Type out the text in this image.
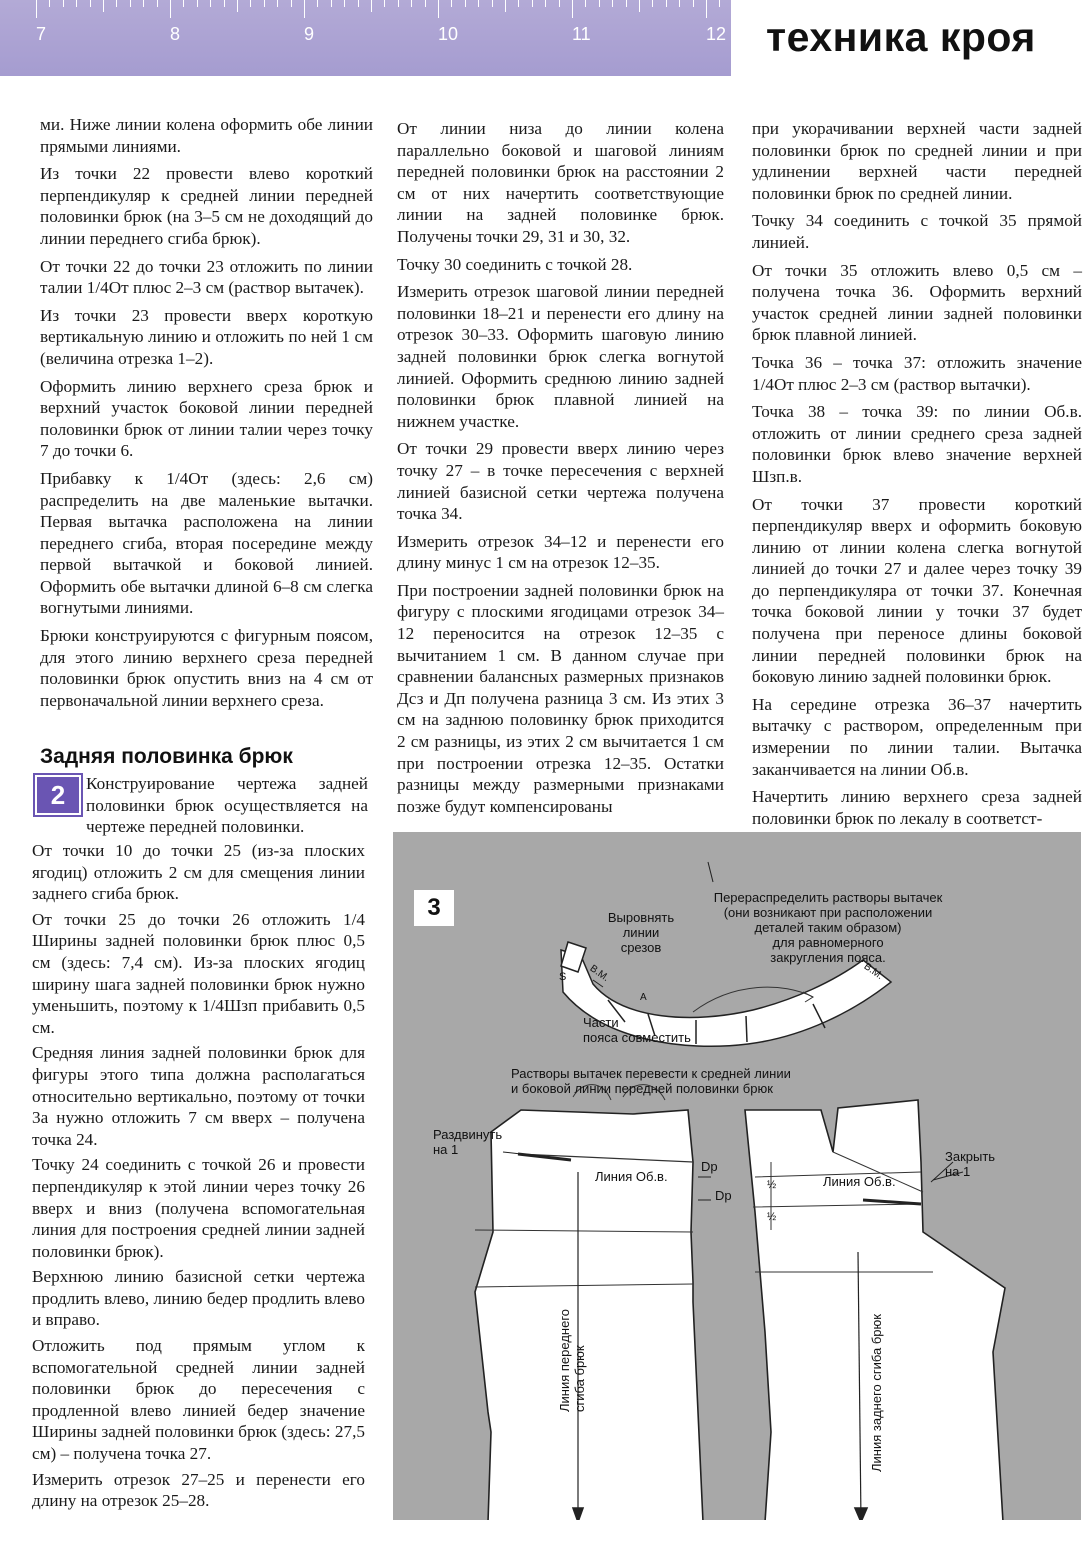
7	8	9	10	11	12 техника кроя

ми. Ниже линии колена оформить обе линии прямыми линиями.

Из точки 22 провести влево короткий перпендикуляр к средней линии передней половинки брюк (на 3–5 см не доходящий до линии переднего сгиба брюк).

От точки 22 до точки 23 отложить по линии талии 1/4От плюс 2–3 см (раствор вытачек).

Из точки 23 провести вверх короткую вертикальную линию и отложить по ней 1 см (величина отрезка 1–2).

Оформить линию верхнего среза брюк и верхний участок боковой линии передней половинки брюк от линии талии через точку 7 до точки 6.

Прибавку к 1/4От (здесь: 2,6 см) распределить на две маленькие вытачки. Первая вытачка расположена на линии переднего сгиба, вторая посередине между первой вытачкой и боковой линией. Оформить обе вытачки длиной 6–8 см слегка вогнутыми линиями.

Брюки конструируются с фигурным поясом, для этого линию верхнего среза передней половинки брюк опустить вниз на 4 см от первоначальной линии верхнего среза.

Задняя половинка брюк
2	Конструирование чертежа задней половинки брюк осуществляется на чертеже передней половинки.

От точки 10 до точки 25 (из-за плоских ягодиц) отложить 2 см для смещения линии заднего сгиба брюк.

От точки 25 до точки 26 отложить 1/4 Ширины задней половинки брюк плюс 0,5 см (здесь: 7,4 см). Из-за плоских ягодиц ширину шага задней половинки брюк нужно уменьшить, поэтому к 1/4Шзп прибавить 0,5 см.

Средняя линия задней половинки брюк для фигуры этого типа должна располагаться относительно вертикально, поэтому от точки 3а нужно отложить 7 см вверх – получена точка 24.

Точку 24 соединить с точкой 26 и провести перпендикуляр к этой линии через точку 26 вверх и вниз (получена вспомогательная линия для построения средней линии задней половинки брюк).

Верхнюю линию базисной сетки чертежа продлить влево, линию бедер продлить влево и вправо.

Отложить под прямым углом к вспомогательной средней линии задней половинки брюк до пересечения с продленной влево линией бедер значение Ширины задней половинки брюк (здесь: 27,5 см) – получена точка 27.

Измерить отрезок 27–25 и перенести его длину на отрезок 25–28.

От линии низа до линии колена параллельно боковой и шаговой линиям передней половинки брюк на расстоянии 2 см от них начертить соответствующие линии на задней половинке брюк. Получены точки 29, 31 и 30, 32.

Точку 30 соединить с точкой 28.

Измерить отрезок шаговой линии передней половинки 18–21 и перенести его длину на отрезок 30–33. Оформить шаговую линию задней половинки брюк слегка вогнутой линией. Оформить среднюю линию задней половинки брюк плавной линией на нижнем участке.

От точки 29 провести вверх линию через точку 27 – в точке пересечения с верхней линией базисной сетки чертежа получена точка 34.

Измерить отрезок 34–12 и перенести его длину минус 1 см на отрезок 12–35.

При построении задней половинки брюк на фигуру с плоскими ягодицами отрезок 34–12 переносится на отрезок 12–35 с вычитанием 1 см. В данном случае при сравнении балансных размерных признаков Дсз и Дп получена разница 3 см. Из этих 3 см на заднюю половинку брюк приходится 2 см разницы, из этих 2 см вычитается 1 см при построении отрезка 12–35. Остатки разницы между размерными признаками позже будут компенсированы

при укорачивании верхней части задней половинки брюк по средней линии и при удлинении верхней части передней половинки брюк по средней линии.

Точку 34 соединить с точкой 35 прямой линией.

От точки 35 отложить влево 0,5 см – получена точка 36. Оформить верхний участок средней линии задней половинки брюк плавной линией.

Точка 36 – точка 37: отложить значение 1/4От плюс 2–3 см (раствор вытачки).

Точка 38 – точка 39: по линии Об.в. отложить от линии среднего среза задней половинки брюк влево значение верхней Шзп.в.

От точки 37 провести короткий перпендикуляр вверх и оформить боковую линию от линии колена слегка вогнутой линией до точки 27 и далее через точку 39 до перпендикуляра от точки 37. Конечная точка боковой линии у точки 37 будет получена при переносе длины боковой линии передней половинки брюк на боковую линию задней половинки брюк.

На середине отрезка 36–37 начертить вытачку с раствором, определенным при измерении по линии талии. Вытачка заканчивается на линии Об.в.

Начертить линию верхнего среза задней половинки брюк по лекалу в соответст-

3	Выровнять
линии
срезов
Перераспределить растворы вытачек
(они возникают при расположении
деталей таким образом)
для равномерного
закругления пояса.
Части
пояса совместить
Растворы вытачек перевести к средней линии
и боковой линии передней половинки брюк
Раздвинуть
на 1	Закрыть
на 1
Линия Об.в.	Линия Об.в.
Dp
Dp
½
½
Линия переднего
сгиба брюк	Линия заднего сгиба брюк
S В.М.	В.М.
А
